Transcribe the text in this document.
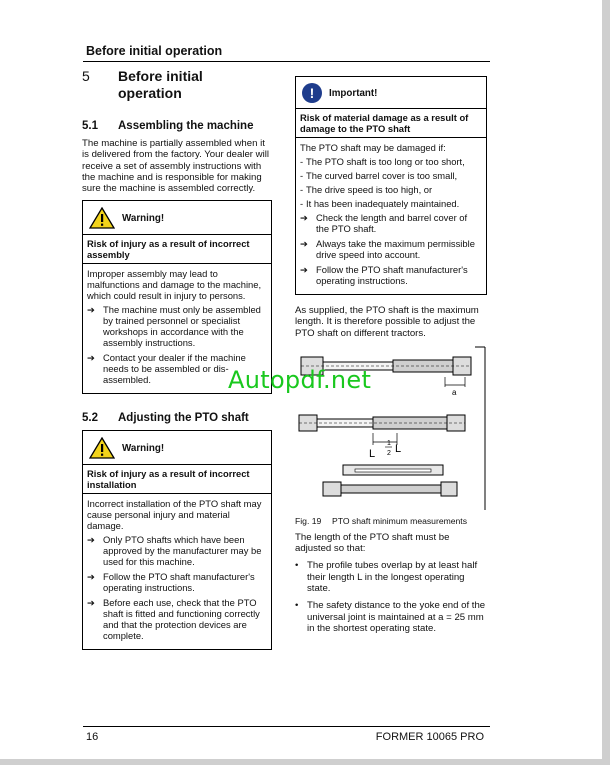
Before initial operation
5	Before initial operation
5.1	Assembling the machine

The machine is partially assembled when it is delivered from the factory. Your dealer will receive a set of assembly instructions with the machine and is responsible for making sure the machine is assembled correctly.

Warning!
Risk of injury as a result of incorrect assembly

Improper assembly may lead to malfunctions and damage to the machine, which could result in injury to persons.

➔ The machine must only be assembled by trained personnel or specialist workshops in accordance with the assembly instructions.
➔ Contact your dealer if the machine needs to be assembled or dis-assembled.
5.2	Adjusting the PTO shaft
Warning!
Risk of injury as a result of incorrect installation

Incorrect installation of the PTO shaft may cause personal injury and material damage.

➔ Only PTO shafts which have been approved by the manufacturer may be used for this machine.
➔ Follow the PTO shaft manufacturer's operating instructions.
➔ Before each use, check that the PTO shaft is fitted and functioning correctly and that the protection devices are complete.
!	Important!
Risk of material damage as a result of damage to the PTO shaft

The PTO shaft may be damaged if:

- The PTO shaft is too long or too short,
- The curved barrel cover is too small,
- The drive speed is too high, or
- It has been inadequately maintained.
➔ Check the length and barrel cover of the PTO shaft.
➔ Always take the maximum permissible drive speed into account.
➔ Follow the PTO shaft manufacturer's operating instructions.

As supplied, the PTO shaft is the maximum length. It is therefore possible to adjust the PTO shaft on different tractors.

a
L
1
2 L
Fig. 19	PTO shaft minimum measurements

The length of the PTO shaft must be adjusted so that:

• The profile tubes overlap by at least half their length L in the longest operating state.
• The safety distance to the yoke end of the universal joint is maintained at a = 25 mm in the shortest operating state.
16	FORMER 10065 PRO
Autopdf.net
